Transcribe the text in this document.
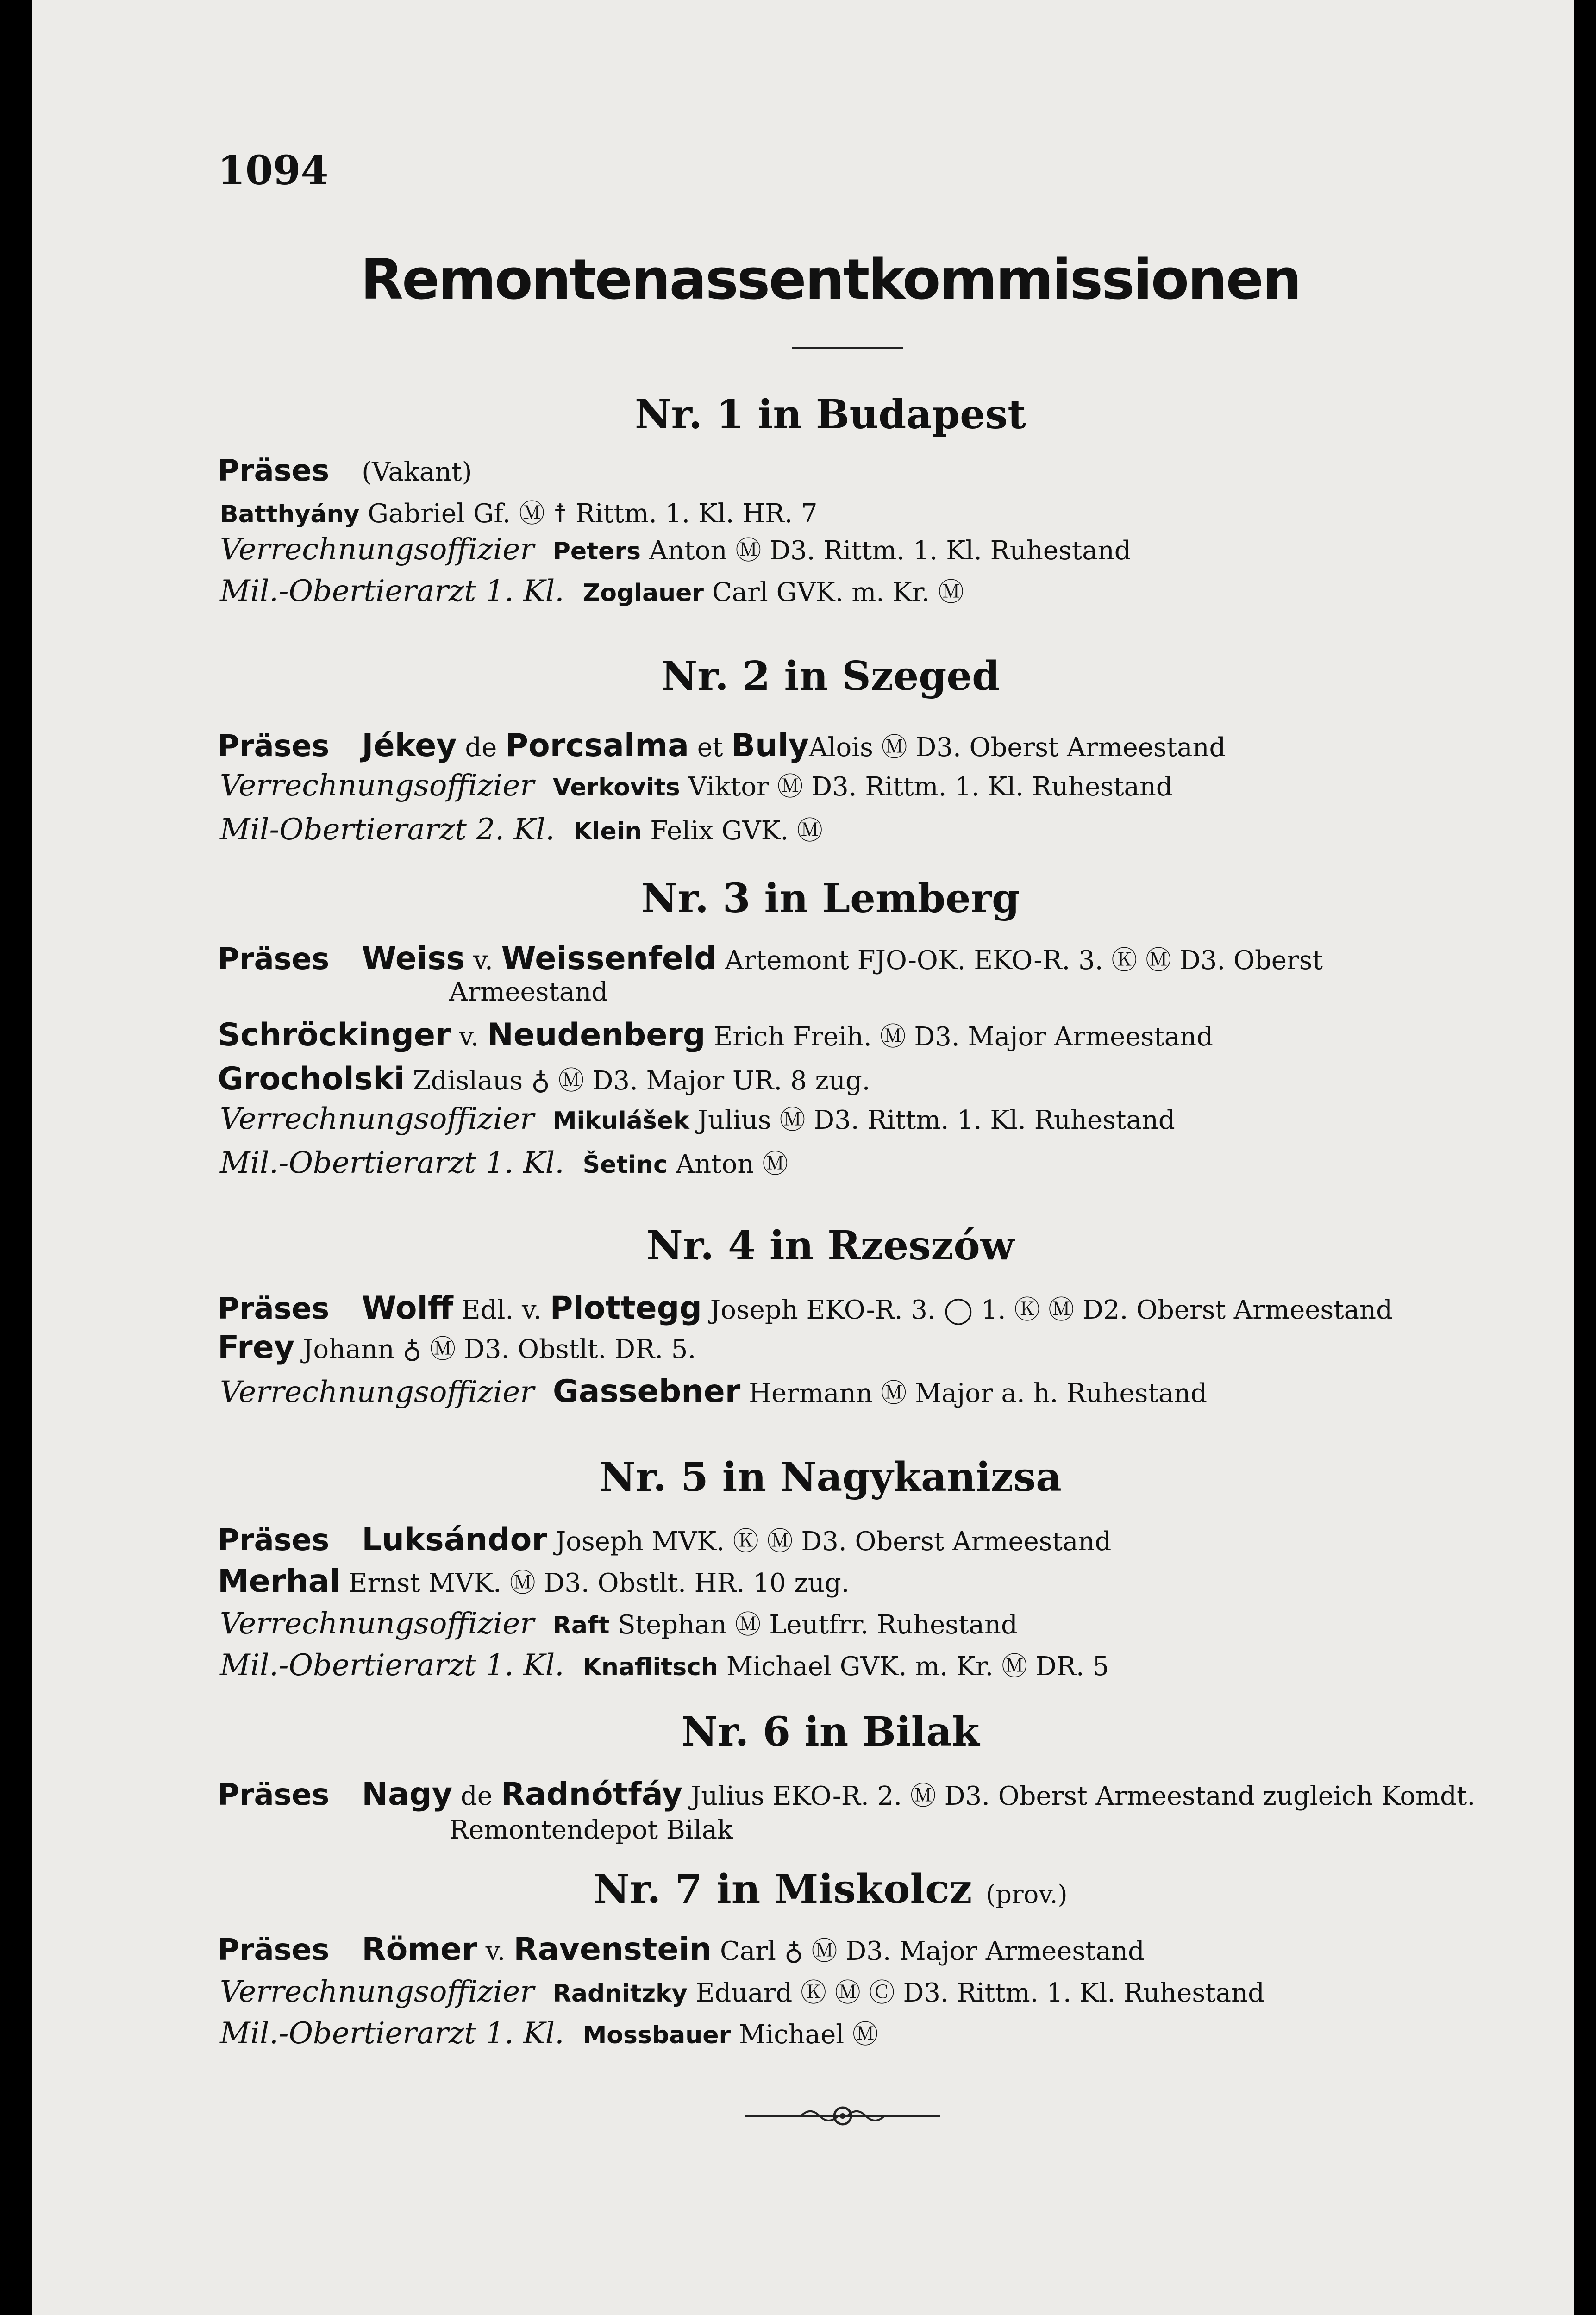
1094
Remontenassentkommissionen
Nr. 1 in Budapest
Präses (Vakant)
Batthyány Gabriel Gf. Ⓜ ☨ Rittm. 1. Kl. HR. 7
Verrechnungsoffizier Peters Anton Ⓜ D3. Rittm. 1. Kl. Ruhestand
Mil.-Obertierarzt 1. Kl. Zoglauer Carl GVK. m. Kr. Ⓜ
Nr. 2 in Szeged
Präses Jékey de Porcsalma et BulyAlois Ⓜ D3. Oberst Armeestand
Verrechnungsoffizier Verkovits Viktor Ⓜ D3. Rittm. 1. Kl. Ruhestand
Mil-Obertierarzt 2. Kl. Klein Felix GVK. Ⓜ
Nr. 3 in Lemberg
Präses Weiss v. Weissenfeld Artemont FJO-OK. EKO-R. 3. Ⓚ Ⓜ D3. Oberst
Armeestand
Schröckinger v. Neudenberg Erich Freih. Ⓜ D3. Major Armeestand
Grocholski Zdislaus ♁ Ⓜ D3. Major UR. 8 zug.
Verrechnungsoffizier Mikulášek Julius Ⓜ D3. Rittm. 1. Kl. Ruhestand
Mil.-Obertierarzt 1. Kl. Šetinc Anton Ⓜ
Nr. 4 in Rzeszów
Präses Wolff Edl. v. Plottegg Joseph EKO-R. 3. ◯ 1. Ⓚ Ⓜ D2. Oberst Armeestand
Frey Johann ♁ Ⓜ D3. Obstlt. DR. 5.
Verrechnungsoffizier Gassebner Hermann Ⓜ Major a. h. Ruhestand
Nr. 5 in Nagykanizsa
Präses Luksándor Joseph MVK. Ⓚ Ⓜ D3. Oberst Armeestand
Merhal Ernst MVK. Ⓜ D3. Obstlt. HR. 10 zug.
Verrechnungsoffizier Raft Stephan Ⓜ Leutfrr. Ruhestand
Mil.-Obertierarzt 1. Kl. Knaflitsch Michael GVK. m. Kr. Ⓜ DR. 5
Nr. 6 in Bilak
Präses Nagy de Radnótfáy Julius EKO-R. 2. Ⓜ D3. Oberst Armeestand zugleich Komdt.
Remontendepot Bilak
Nr. 7 in Miskolcz (prov.)
Präses Römer v. Ravenstein Carl ♁ Ⓜ D3. Major Armeestand
Verrechnungsoffizier Radnitzky Eduard Ⓚ Ⓜ Ⓒ D3. Rittm. 1. Kl. Ruhestand
Mil.-Obertierarzt 1. Kl. Mossbauer Michael Ⓜ
